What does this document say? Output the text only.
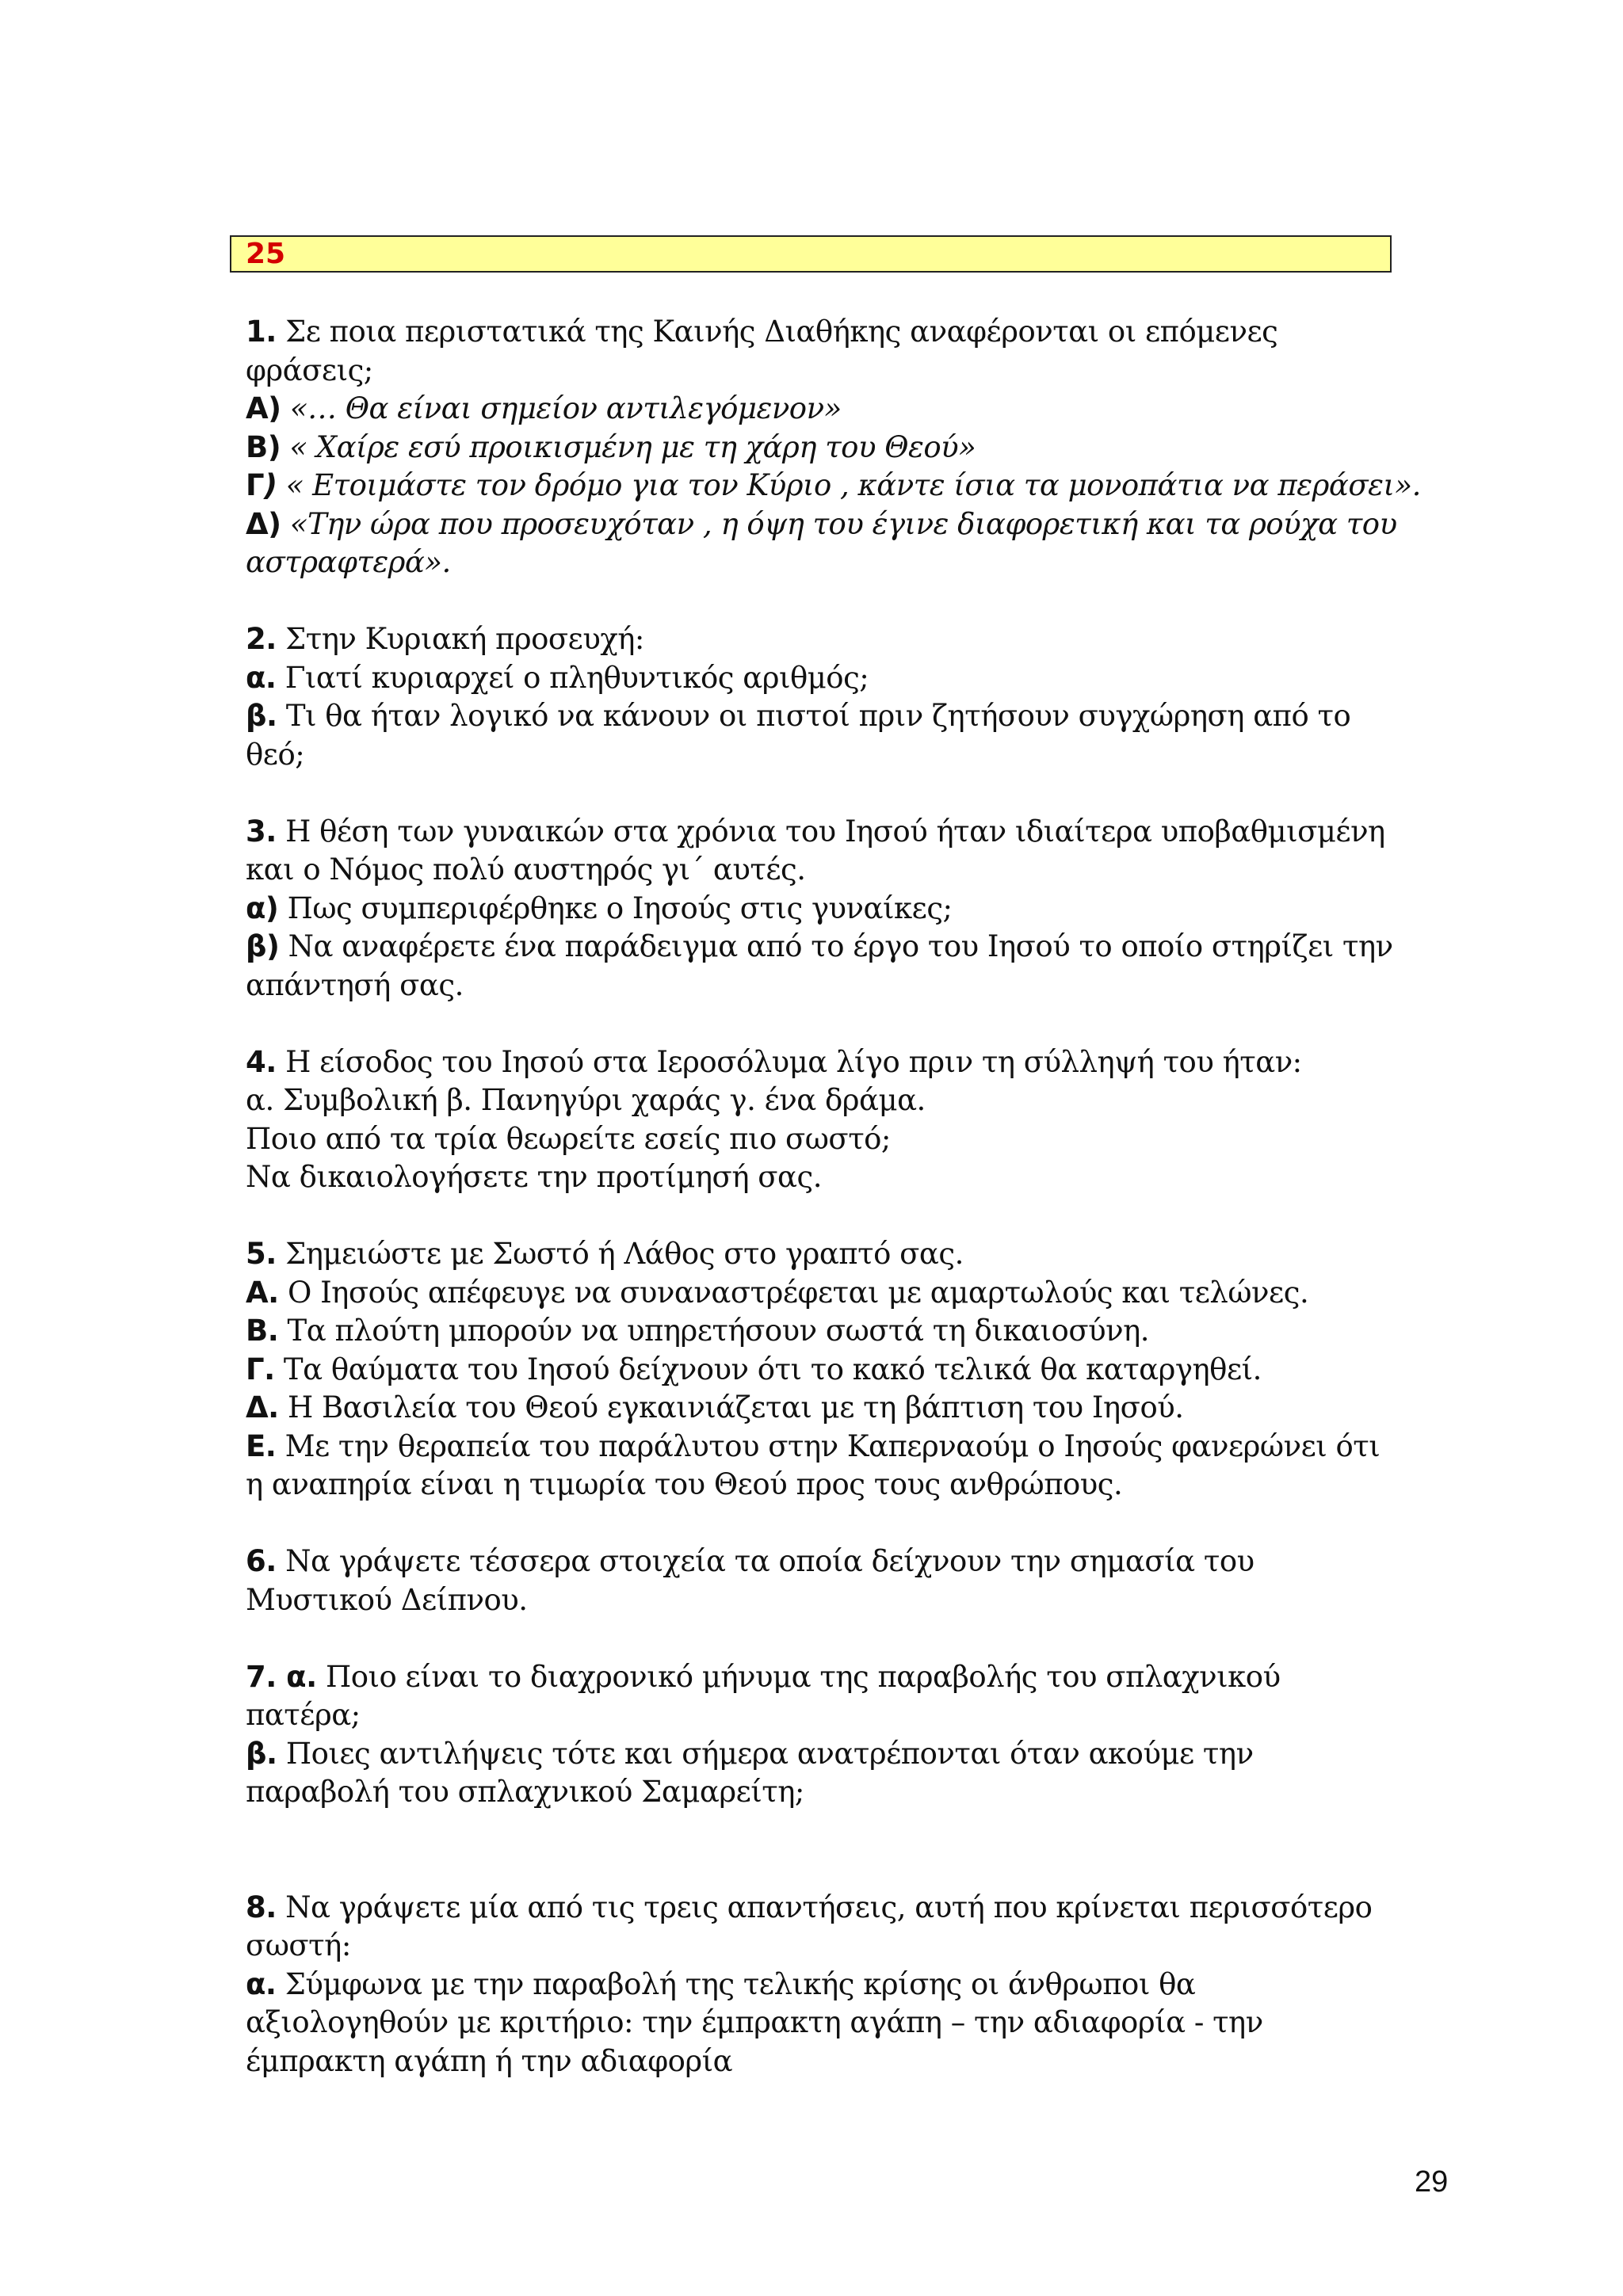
25
1. Σε ποια περιστατικά της Καινής Διαθήκης αναφέρονται οι επόμενες
φράσεις;
Α) «… Θα είναι σημείον αντιλεγόμενον»
Β) « Χαίρε εσύ προικισμένη με τη χάρη του Θεού»
Γ) « Ετοιμάστε τον δρόμο για τον Κύριο , κάντε ίσια τα μονοπάτια να περάσει».
Δ) «Την ώρα που προσευχόταν , η όψη του έγινε διαφορετική και τα ρούχα του
αστραφτερά».
2. Στην Κυριακή προσευχή:
α. Γιατί κυριαρχεί ο πληθυντικός αριθμός;
β. Τι θα ήταν λογικό να κάνουν οι πιστοί πριν ζητήσουν συγχώρηση από το
θεό;
3. Η θέση των γυναικών στα χρόνια του Ιησού ήταν ιδιαίτερα υποβαθμισμένη
και ο Νόμος πολύ αυστηρός γι΄ αυτές.
α) Πως συμπεριφέρθηκε ο Ιησούς στις γυναίκες;
β) Να αναφέρετε ένα παράδειγμα από το έργο του Ιησού το οποίο στηρίζει την
απάντησή σας.
4. Η είσοδος του Ιησού στα Ιεροσόλυμα λίγο πριν τη σύλληψή του ήταν:
α. Συμβολική β. Πανηγύρι χαράς γ. ένα δράμα.
Ποιο από τα τρία θεωρείτε εσείς πιο σωστό;
Να δικαιολογήσετε την προτίμησή σας.
5. Σημειώστε με Σωστό ή Λάθος στο γραπτό σας.
Α. Ο Ιησούς απέφευγε να συναναστρέφεται με αμαρτωλούς και τελώνες.
Β. Τα πλούτη μπορούν να υπηρετήσουν σωστά τη δικαιοσύνη.
Γ. Τα θαύματα του Ιησού δείχνουν ότι το κακό τελικά θα καταργηθεί.
Δ. Η Βασιλεία του Θεού εγκαινιάζεται με τη βάπτιση του Ιησού.
Ε. Με την θεραπεία του παράλυτου στην Καπερναούμ ο Ιησούς φανερώνει ότι
η αναπηρία είναι η τιμωρία του Θεού προς τους ανθρώπους.
6. Να γράψετε τέσσερα στοιχεία τα οποία δείχνουν την σημασία του
Μυστικού Δείπνου.
7. α. Ποιο είναι το διαχρονικό μήνυμα της παραβολής του σπλαχνικού
πατέρα;
β. Ποιες αντιλήψεις τότε και σήμερα ανατρέπονται όταν ακούμε την
παραβολή του σπλαχνικού Σαμαρείτη;
8. Να γράψετε μία από τις τρεις απαντήσεις, αυτή που κρίνεται περισσότερο
σωστή:
α. Σύμφωνα με την παραβολή της τελικής κρίσης οι άνθρωποι θα
αξιολογηθούν με κριτήριο: την έμπρακτη αγάπη – την αδιαφορία - την
έμπρακτη αγάπη ή την αδιαφορία
29
